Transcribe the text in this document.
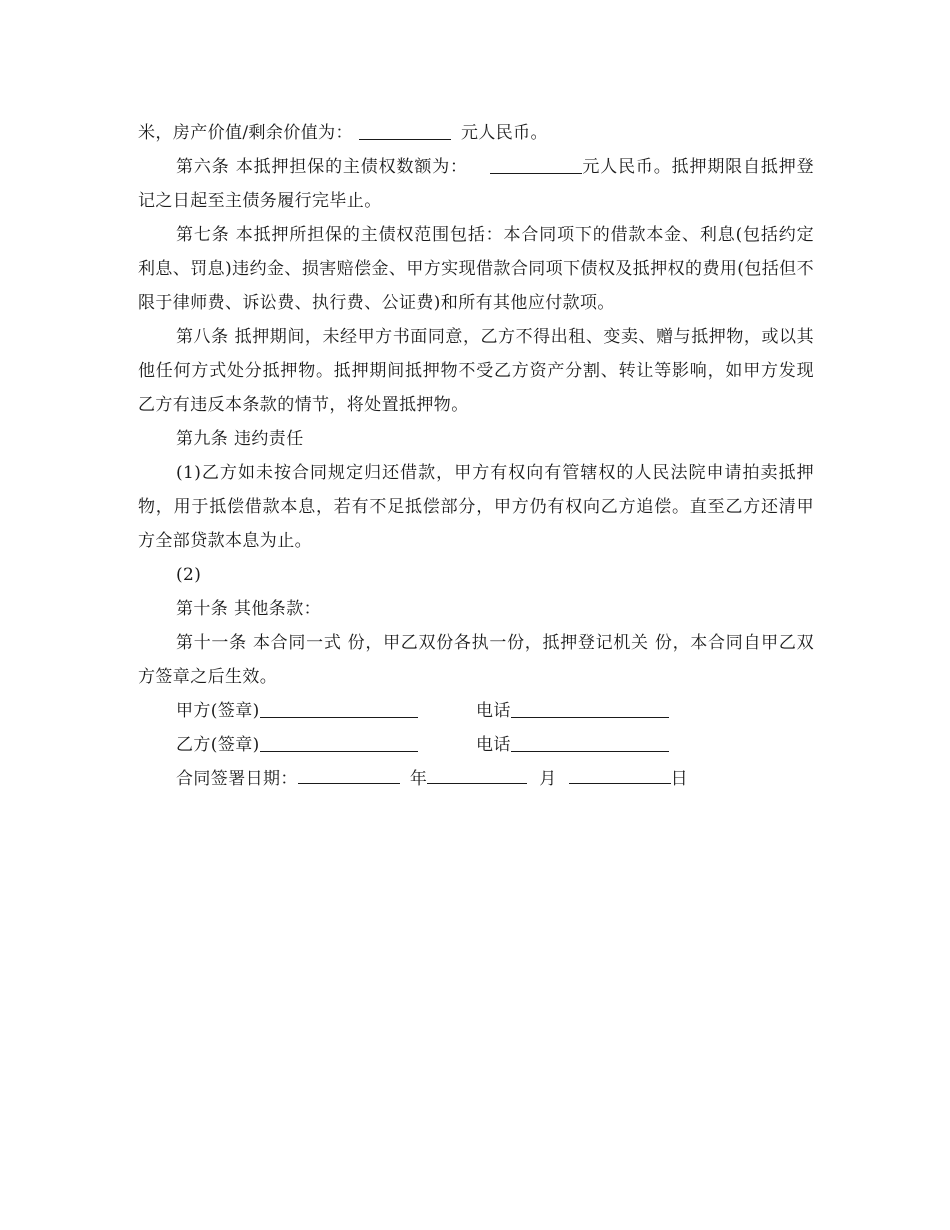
米，房产价值/剩余价值为：	元人民币。

第六条 本抵押担保的主债权数额为：	元人民币。抵押期限自抵押登记之日起至主债务履行完毕止。

第七条 本抵押所担保的主债权范围包括：本合同项下的借款本金、利息(包括约定利息、罚息)违约金、损害赔偿金、甲方实现借款合同项下债权及抵押权的费用(包括但不限于律师费、诉讼费、执行费、公证费)和所有其他应付款项。

第八条 抵押期间，未经甲方书面同意，乙方不得出租、变卖、赠与抵押物，或以其他任何方式处分抵押物。抵押期间抵押物不受乙方资产分割、转让等影响，如甲方发现乙方有违反本条款的情节，将处置抵押物。

第九条 违约责任

(1)乙方如未按合同规定归还借款，甲方有权向有管辖权的人民法院申请拍卖抵押物，用于抵偿借款本息，若有不足抵偿部分，甲方仍有权向乙方追偿。直至乙方还清甲方全部贷款本息为止。

(2)

第十条 其他条款：

第十一条 本合同一式 份，甲乙双份各执一份，抵押登记机关 份，本合同自甲乙双方签章之后生效。

甲方(签章)	电话
乙方(签章)	电话
合同签署日期：	年	月	日
